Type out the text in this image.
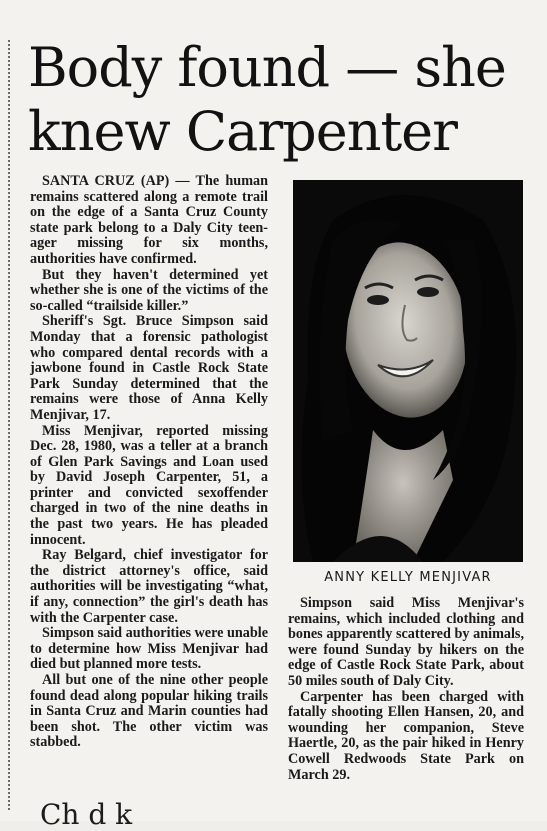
Body found — she
knew Carpenter

SANTA CRUZ (AP) — The human remains scattered along a remote trail on the edge of a Santa Cruz County state park belong to a Daly City teen-ager missing for six months, authorities have confirmed.

But they haven't determined yet whether she is one of the victims of the so-called “trailside killer.”

Sheriff's Sgt. Bruce Simpson said Monday that a forensic pathologist who compared dental records with a jawbone found in Castle Rock State Park Sunday determined that the remains were those of Anna Kelly Menjivar, 17.

Miss Menjivar, reported missing Dec. 28, 1980, was a teller at a branch of Glen Park Savings and Loan used by David Joseph Carpenter, 51, a printer and convicted sexoffender charged in two of the nine deaths in the past two years. He has pleaded innocent.

Ray Belgard, chief investigator for the district attorney's office, said authorities will be investigating “what, if any, connection” the girl's death has with the Carpenter case.

Simpson said authorities were unable to determine how Miss Menjivar had died but planned more tests.

All but one of the nine other people found dead along popular hiking trails in Santa Cruz and Marin counties had been shot. The other victim was stabbed.

ANNY KELLY MENJIVAR

Simpson said Miss Menjivar's remains, which included clothing and bones apparently scattered by animals, were found Sunday by hikers on the edge of Castle Rock State Park, about 50 miles south of Daly City.

Carpenter has been charged with fatally shooting Ellen Hansen, 20, and wounding her companion, Steve Haertle, 20, as the pair hiked in Henry Cowell Redwoods State Park on March 29.

Ch d k
